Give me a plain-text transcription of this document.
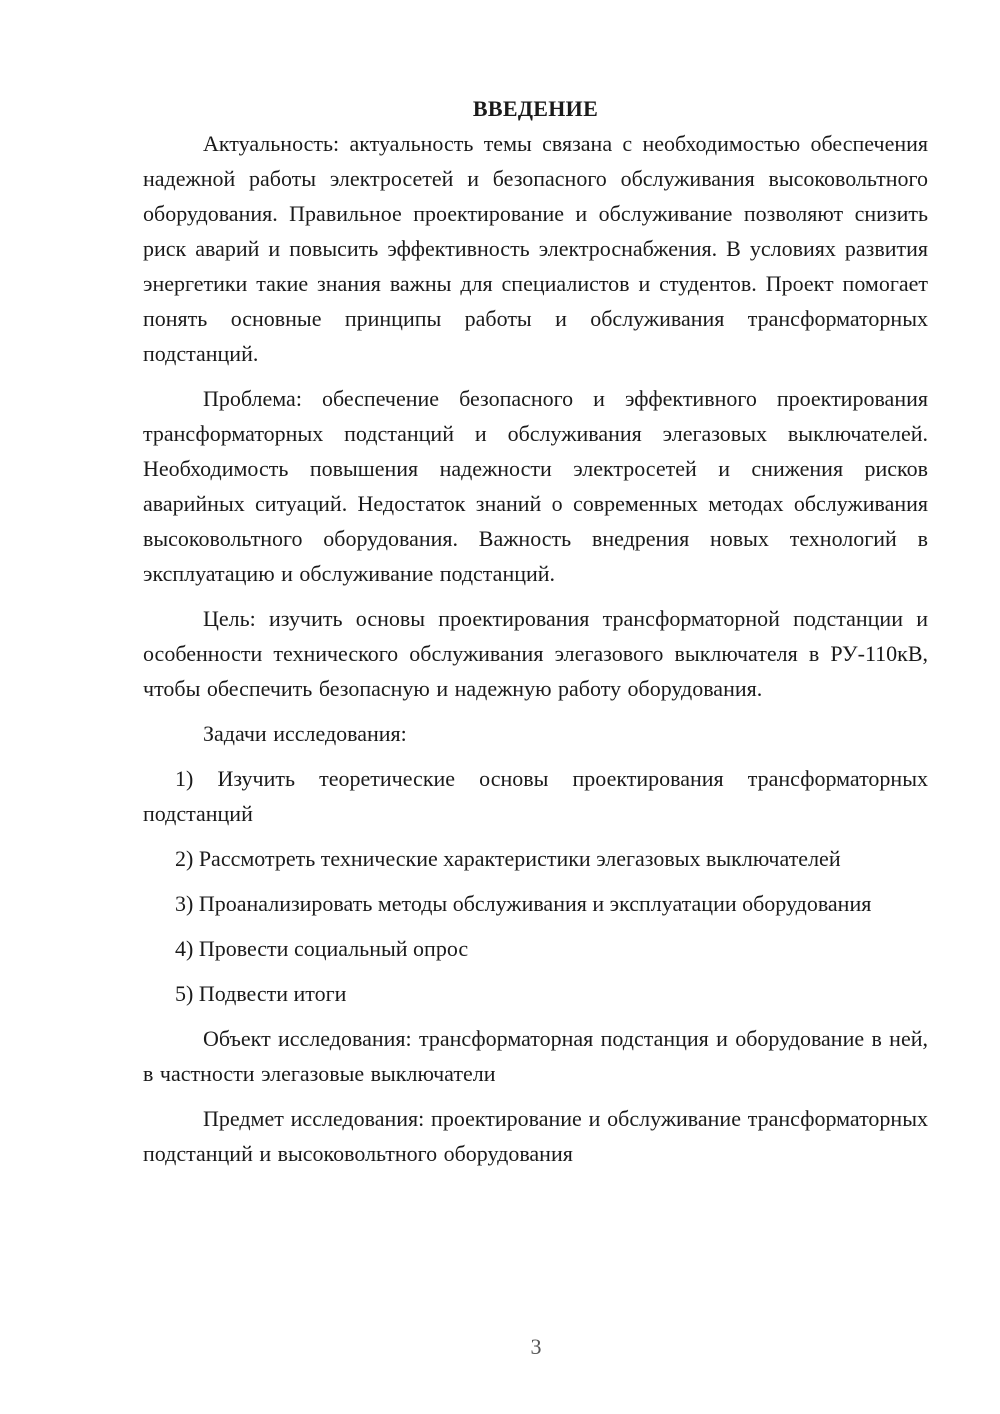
ВВЕДЕНИЕ

Актуальность: актуальность темы связана с необходимостью обеспечения надежной работы электросетей и безопасного обслуживания высоковольтного оборудования. Правильное проектирование и обслуживание позволяют снизить риск аварий и повысить эффективность электроснабжения. В условиях развития энергетики такие знания важны для специалистов и студентов. Проект помогает понять основные принципы работы и обслуживания трансформаторных подстанций.

Проблема: обеспечение безопасного и эффективного проектирования трансформаторных подстанций и обслуживания элегазовых выключателей. Необходимость повышения надежности электросетей и снижения рисков аварийных ситуаций. Недостаток знаний о современных методах обслуживания высоковольтного оборудования. Важность внедрения новых технологий в эксплуатацию и обслуживание подстанций.

Цель: изучить основы проектирования трансформаторной подстанции и особенности технического обслуживания элегазового выключателя в РУ-110кВ, чтобы обеспечить безопасную и надежную работу оборудования.

Задачи исследования:

1) Изучить теоретические основы проектирования трансформаторных подстанций

2) Рассмотреть технические характеристики элегазовых выключателей

3) Проанализировать методы обслуживания и эксплуатации оборудования

4) Провести социальный опрос

5) Подвести итоги

Объект исследования: трансформаторная подстанция и оборудование в ней, в частности элегазовые выключатели

Предмет исследования: проектирование и обслуживание трансформаторных подстанций и высоковольтного оборудования

3
